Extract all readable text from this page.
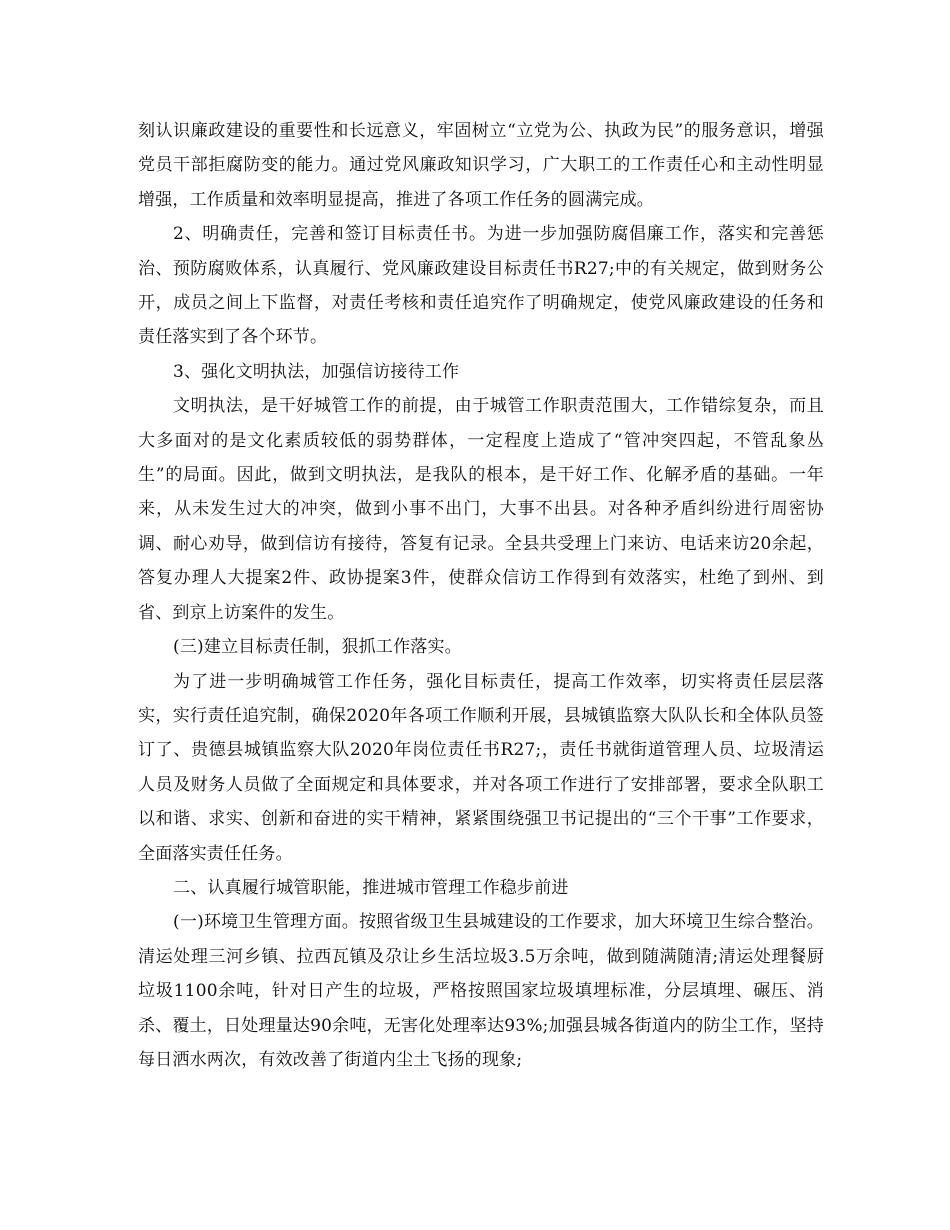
刻认识廉政建设的重要性和长远意义，牢固树立“立党为公、执政为民”的服务意识，增强党员干部拒腐防变的能力。通过党风廉政知识学习，广大职工的工作责任心和主动性明显增强，工作质量和效率明显提高，推进了各项工作任务的圆满完成。

2、明确责任，完善和签订目标责任书。为进一步加强防腐倡廉工作，落实和完善惩治、预防腐败体系，认真履行、党风廉政建设目标责任书R27;中的有关规定，做到财务公开，成员之间上下监督，对责任考核和责任追究作了明确规定，使党风廉政建设的任务和责任落实到了各个环节。

3、强化文明执法，加强信访接待工作

文明执法，是干好城管工作的前提，由于城管工作职责范围大，工作错综复杂，而且大多面对的是文化素质较低的弱势群体，一定程度上造成了“管冲突四起，不管乱象丛生”的局面。因此，做到文明执法，是我队的根本，是干好工作、化解矛盾的基础。一年来，从未发生过大的冲突，做到小事不出门，大事不出县。对各种矛盾纠纷进行周密协调、耐心劝导，做到信访有接待，答复有记录。全县共受理上门来访、电话来访20余起，答复办理人大提案2件、政协提案3件，使群众信访工作得到有效落实，杜绝了到州、到省、到京上访案件的发生。

(三)建立目标责任制，狠抓工作落实。

为了进一步明确城管工作任务，强化目标责任，提高工作效率，切实将责任层层落实，实行责任追究制，确保2020年各项工作顺利开展，县城镇监察大队队长和全体队员签订了、贵德县城镇监察大队2020年岗位责任书R27;，责任书就街道管理人员、垃圾清运人员及财务人员做了全面规定和具体要求，并对各项工作进行了安排部署，要求全队职工以和谐、求实、创新和奋进的实干精神，紧紧围绕强卫书记提出的“三个干事”工作要求，全面落实责任任务。

二、认真履行城管职能，推进城市管理工作稳步前进

(一)环境卫生管理方面。按照省级卫生县城建设的工作要求，加大环境卫生综合整治。清运处理三河乡镇、拉西瓦镇及尕让乡生活垃圾3.5万余吨，做到随满随清;清运处理餐厨垃圾1100余吨，针对日产生的垃圾，严格按照国家垃圾填埋标准，分层填埋、碾压、消杀、覆土，日处理量达90余吨，无害化处理率达93%;加强县城各街道内的防尘工作，坚持每日洒水两次，有效改善了街道内尘土飞扬的现象;
